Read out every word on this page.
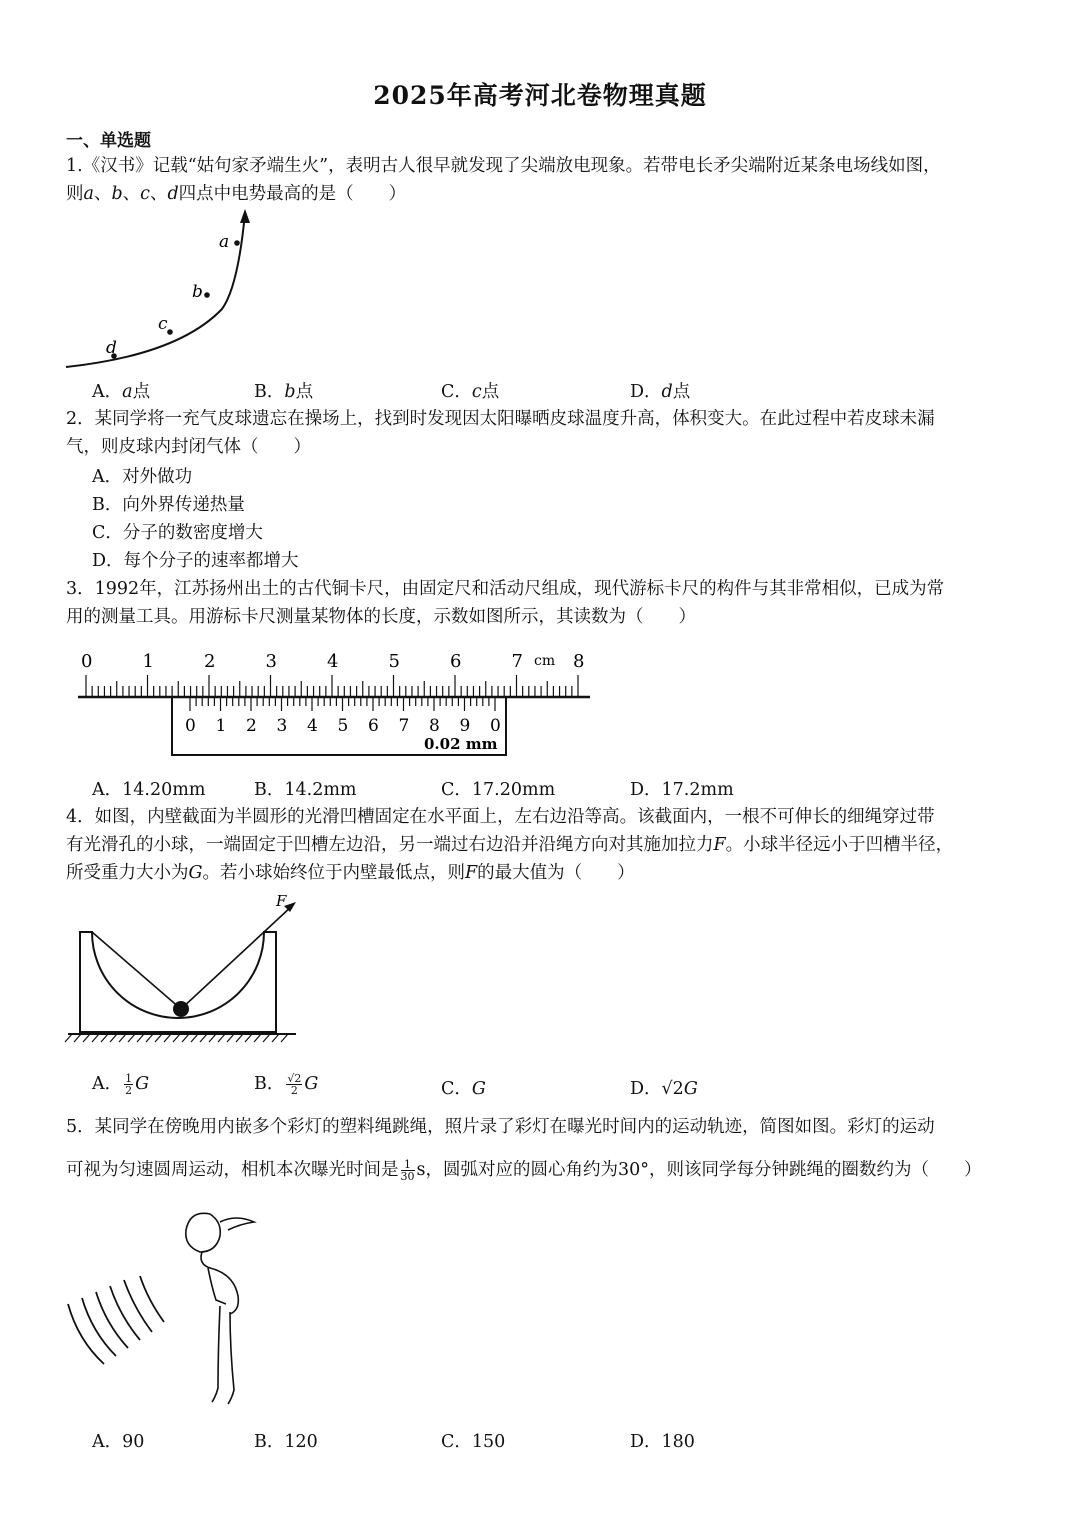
2025年高考河北卷物理真题
一、单选题
1.《汉书》记载“姑句家矛端生火”，表明古人很早就发现了尖端放电现象。若带电长矛尖端附近某条电场线如图，
则a、b、c、d四点中电势最高的是（　　）
a
b
c
d
A．a点	B．b点	C．c点	D．d点
2．某同学将一充气皮球遗忘在操场上，找到时发现因太阳曝晒皮球温度升高，体积变大。在此过程中若皮球未漏
气，则皮球内封闭气体（　　）
A．对外做功
B．向外界传递热量
C．分子的数密度增大
D．每个分子的速率都增大
3．1992年，江苏扬州出土的古代铜卡尺，由固定尺和活动尺组成，现代游标卡尺的构件与其非常相似，已成为常
用的测量工具。用游标卡尺测量某物体的长度，示数如图所示，其读数为（　　）
0	1	2	3	4	5	6	7	8
cm
0 1 2 3 4 5 6 7 8 9 0
0.02 mm
A．14.20mm	B．14.2mm	C．17.20mm	D．17.2mm
4．如图，内壁截面为半圆形的光滑凹槽固定在水平面上，左右边沿等高。该截面内，一根不可伸长的细绳穿过带
有光滑孔的小球，一端固定于凹槽左边沿，另一端过右边沿并沿绳方向对其施加拉力F。小球半径远小于凹槽半径，
所受重力大小为G。若小球始终位于内壁最低点，则F的最大值为（　　）
F
A． $\frac{1}{2}$ G	B． $\frac{√2}{2}$ G	C．G	D．√2G
5．某同学在傍晚用内嵌多个彩灯的塑料绳跳绳，照片录了彩灯在曝光时间内的运动轨迹，简图如图。彩灯的运动
可视为匀速圆周运动，相机本次曝光时间是 $\frac{1}{30}$ s，圆弧对应的圆心角约为30°，则该同学每分钟跳绳的圈数约为（　　）
A．90	B．120	C．150	D．180
